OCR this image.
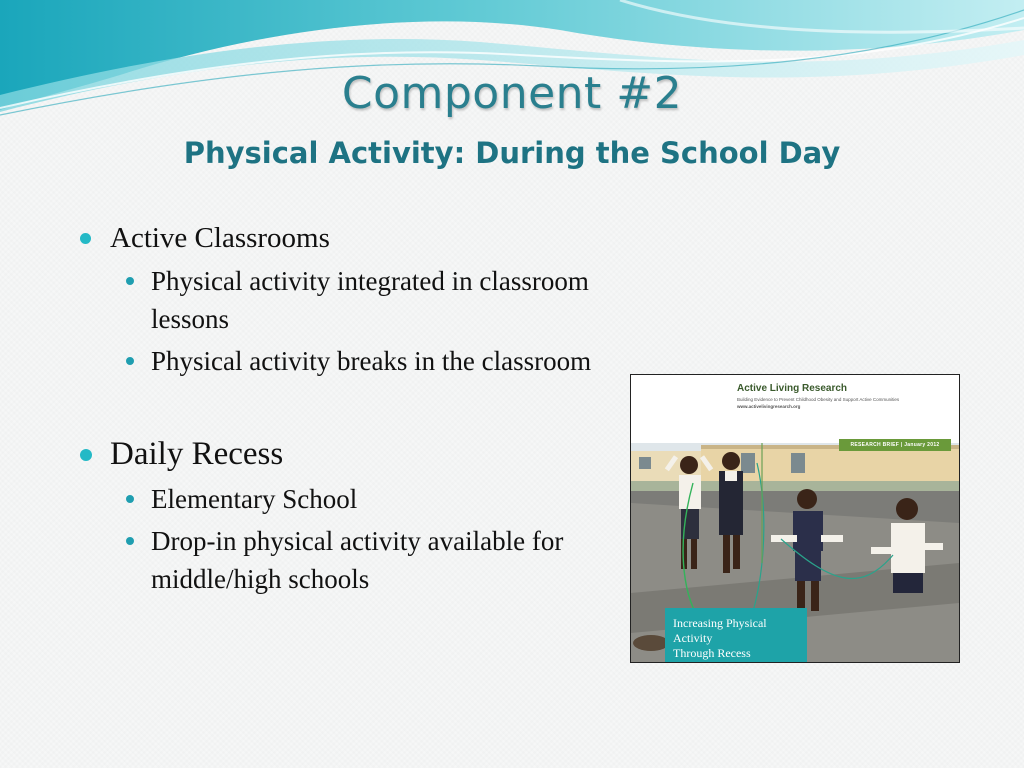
Component #2
Physical Activity: During the School Day
Active Classrooms
Physical activity integrated in classroom lessons
Physical activity breaks in the classroom
Daily Recess
Elementary School
Drop-in physical activity available for middle/high schools
Active Living Research
Building Evidence to Prevent Childhood Obesity and Support Active Communities
www.activelivingresearch.org
RESEARCH BRIEF | January 2012
Increasing Physical Activity
Through Recess
